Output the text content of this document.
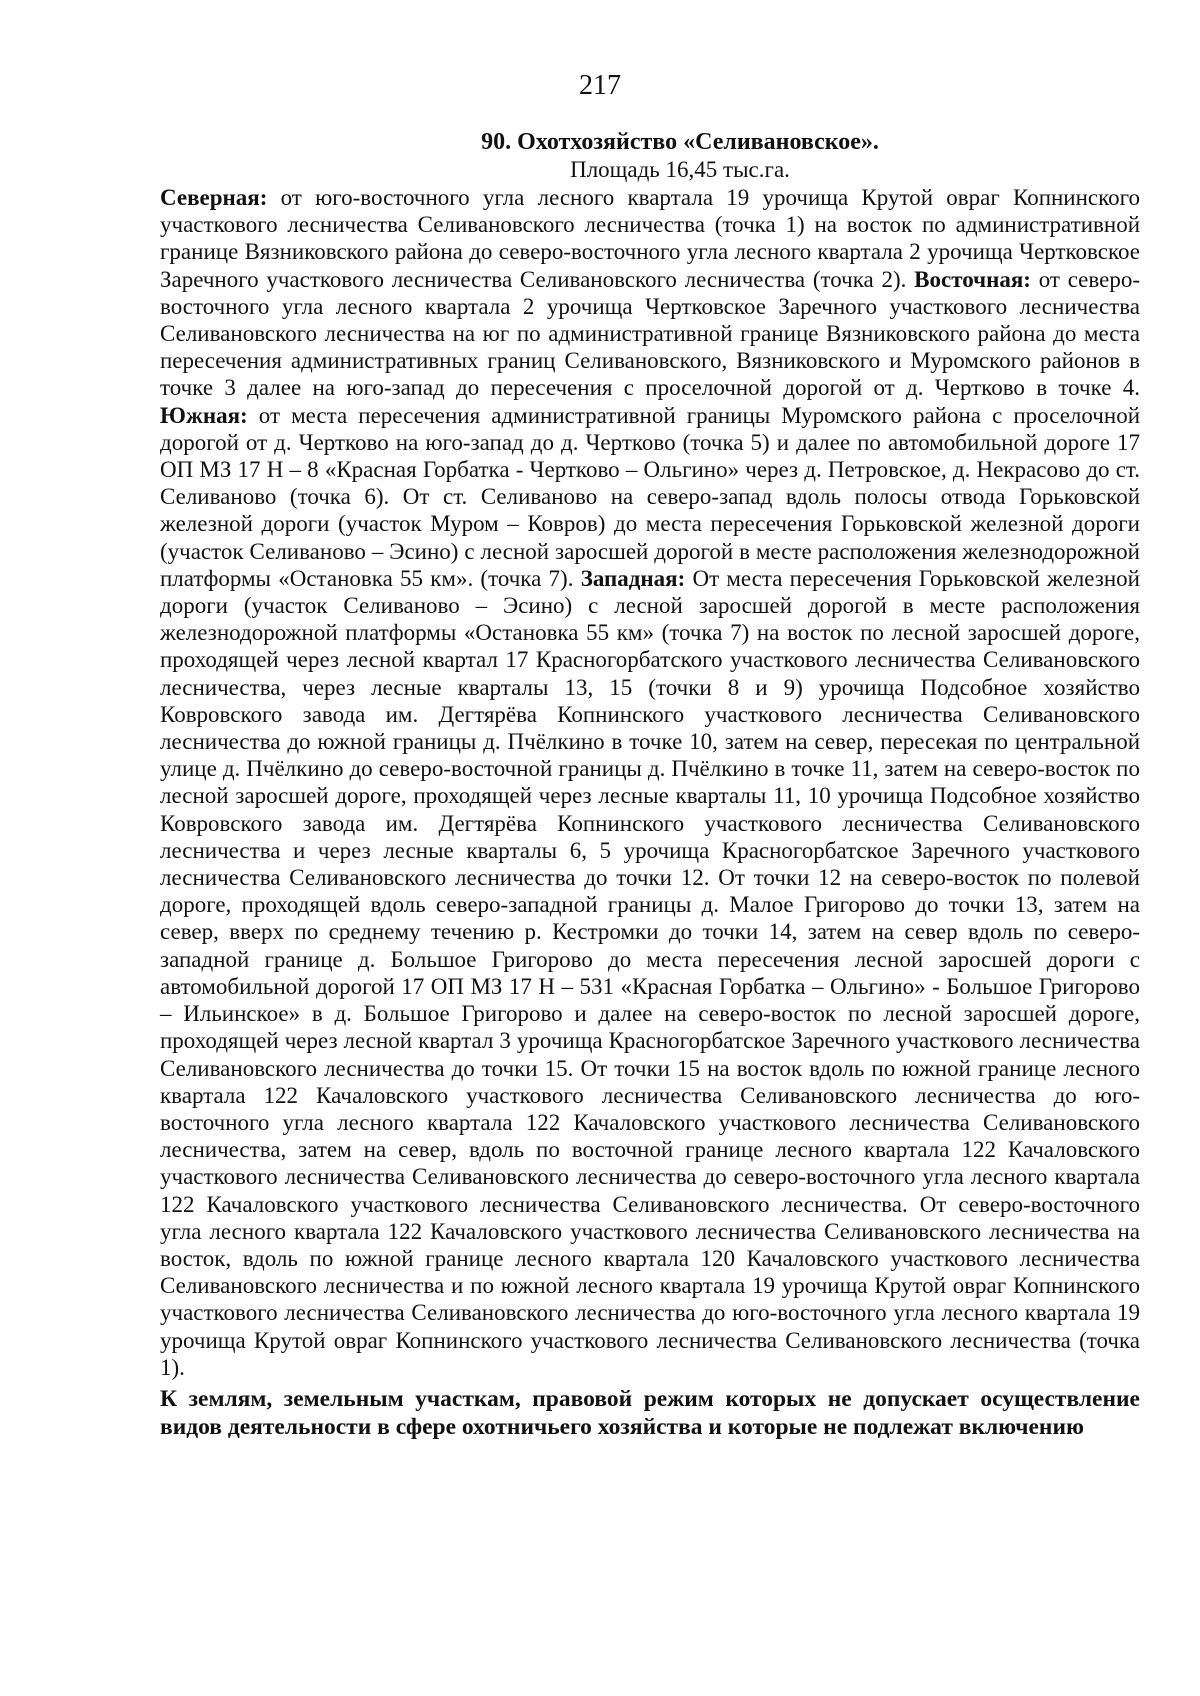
217
90. Охотхозяйство «Селивановское».
Площадь 16,45 тыс.га.

Северная: от юго-восточного угла лесного квартала 19 урочища Крутой овраг Копнинского участкового лесничества Селивановского лесничества (точка 1) на восток по административной границе Вязниковского района до северо-восточного угла лесного квартала 2 урочища Чертковское Заречного участкового лесничества Селивановского лесничества (точка 2). Восточная: от северо-восточного угла лесного квартала 2 урочища Чертковское Заречного участкового лесничества Селивановского лесничества на юг по административной границе Вязниковского района до места пересечения административных границ Селивановского, Вязниковского и Муромского районов в точке 3 далее на юго-запад до пересечения с проселочной дорогой от д. Чертково в точке 4. Южная: от места пересечения административной границы Муромского района с проселочной дорогой от д. Чертково на юго-запад до д. Чертково (точка 5) и далее по автомобильной дороге 17 ОП МЗ 17 Н – 8 «Красная Горбатка - Чертково – Ольгино» через д. Петровское, д. Некрасово до ст. Селиваново (точка 6). От ст. Селиваново на северо-запад вдоль полосы отвода Горьковской железной дороги (участок Муром – Ковров) до места пересечения Горьковской железной дороги (участок Селиваново – Эсино) с лесной заросшей дорогой в месте расположения железнодорожной платформы «Остановка 55 км». (точка 7). Западная: От места пересечения Горьковской железной дороги (участок Селиваново – Эсино) с лесной заросшей дорогой в месте расположения железнодорожной платформы «Остановка 55 км» (точка 7) на восток по лесной заросшей дороге, проходящей через лесной квартал 17 Красногорбатского участкового лесничества Селивановского лесничества, через лесные кварталы 13, 15 (точки 8 и 9) урочища Подсобное хозяйство Ковровского завода им. Дегтярёва Копнинского участкового лесничества Селивановского лесничества до южной границы д. Пчёлкино в точке 10, затем на север, пересекая по центральной улице д. Пчёлкино до северо-восточной границы д. Пчёлкино в точке 11, затем на северо-восток по лесной заросшей дороге, проходящей через лесные кварталы 11, 10 урочища Подсобное хозяйство Ковровского завода им. Дегтярёва Копнинского участкового лесничества Селивановского лесничества и через лесные кварталы 6, 5 урочища Красногорбатское Заречного участкового лесничества Селивановского лесничества до точки 12. От точки 12 на северо-восток по полевой дороге, проходящей вдоль северо-западной границы д. Малое Григорово до точки 13, затем на север, вверх по среднему течению р. Кестромки до точки 14, затем на север вдоль по северо-западной границе д. Большое Григорово до места пересечения лесной заросшей дороги с автомобильной дорогой 17 ОП МЗ 17 Н – 531 «Красная Горбатка – Ольгино» - Большое Григорово – Ильинское» в д. Большое Григорово и далее на северо-восток по лесной заросшей дороге, проходящей через лесной квартал 3 урочища Красногорбатское Заречного участкового лесничества Селивановского лесничества до точки 15. От точки 15 на восток вдоль по южной границе лесного квартала 122 Качаловского участкового лесничества Селивановского лесничества до юго-восточного угла лесного квартала 122 Качаловского участкового лесничества Селивановского лесничества, затем на север, вдоль по восточной границе лесного квартала 122 Качаловского участкового лесничества Селивановского лесничества до северо-восточного угла лесного квартала 122 Качаловского участкового лесничества Селивановского лесничества. От северо-восточного угла лесного квартала 122 Качаловского участкового лесничества Селивановского лесничества на восток, вдоль по южной границе лесного квартала 120 Качаловского участкового лесничества Селивановского лесничества и по южной лесного квартала 19 урочища Крутой овраг Копнинского участкового лесничества Селивановского лесничества до юго-восточного угла лесного квартала 19 урочища Крутой овраг Копнинского участкового лесничества Селивановского лесничества (точка 1).

К землям, земельным участкам, правовой режим которых не допускает осуществление видов деятельности в сфере охотничьего хозяйства и которые не подлежат включению
